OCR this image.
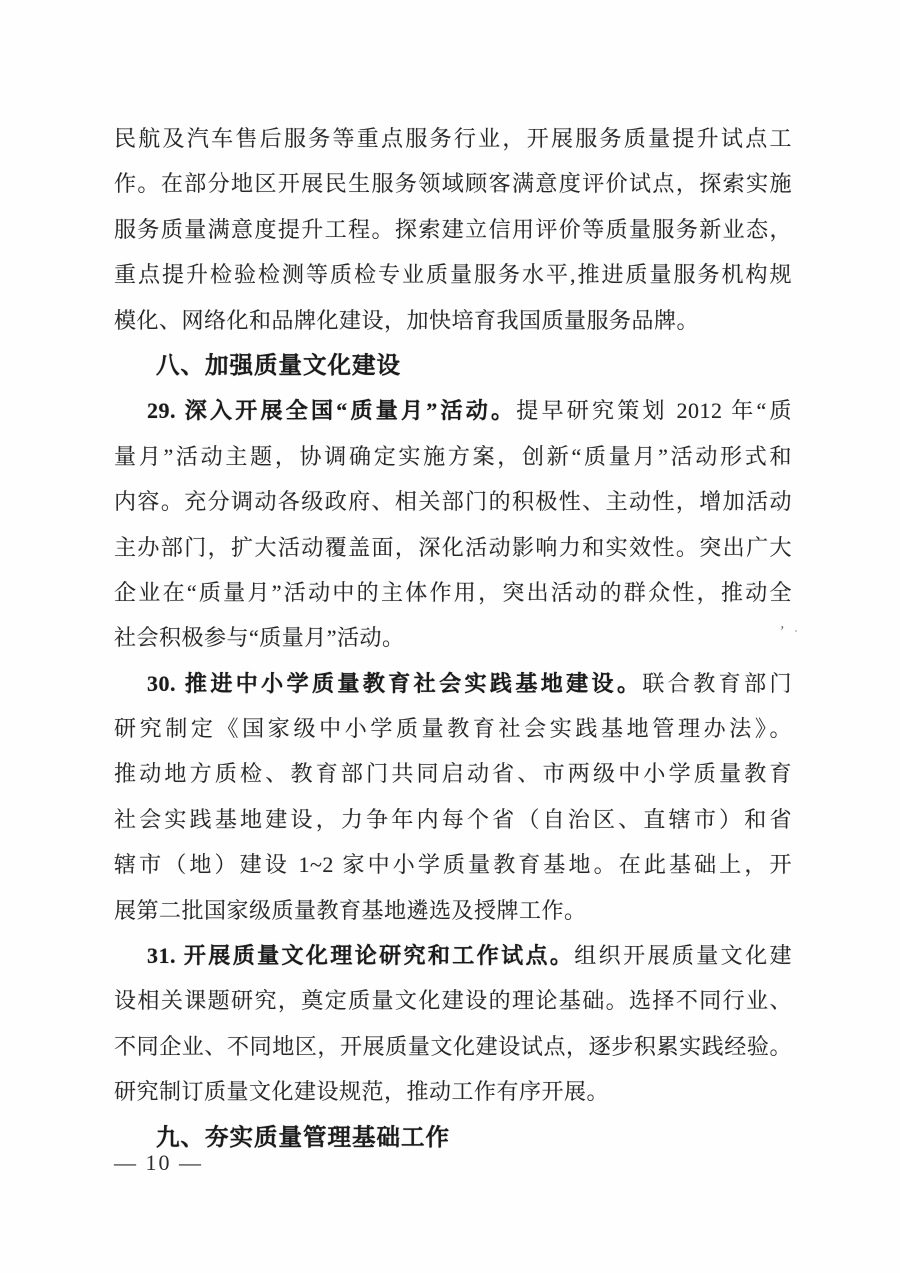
民航及汽车售后服务等重点服务行业，开展服务质量提升试点工
作。在部分地区开展民生服务领域顾客满意度评价试点，探索实施
服务质量满意度提升工程。探索建立信用评价等质量服务新业态，
重点提升检验检测等质检专业质量服务水平,推进质量服务机构规
模化、网络化和品牌化建设，加快培育我国质量服务品牌。
八、加强质量文化建设
29. 深入开展全国“质量月”活动。提早研究策划 2012 年“质
量月”活动主题，协调确定实施方案，创新“质量月”活动形式和
内容。充分调动各级政府、相关部门的积极性、主动性，增加活动
主办部门，扩大活动覆盖面，深化活动影响力和实效性。突出广大
企业在“质量月”活动中的主体作用，突出活动的群众性，推动全
社会积极参与“质量月”活动。
30. 推进中小学质量教育社会实践基地建设。联合教育部门
研究制定《国家级中小学质量教育社会实践基地管理办法》。
推动地方质检、教育部门共同启动省、市两级中小学质量教育
社会实践基地建设，力争年内每个省（自治区、直辖市）和省
辖市（地）建设 1~2 家中小学质量教育基地。在此基础上，开
展第二批国家级质量教育基地遴选及授牌工作。
31. 开展质量文化理论研究和工作试点。组织开展质量文化建
设相关课题研究，奠定质量文化建设的理论基础。选择不同行业、
不同企业、不同地区，开展质量文化建设试点，逐步积累实践经验。
研究制订质量文化建设规范，推动工作有序开展。
九、夯实质量管理基础工作
’
— 10 —
